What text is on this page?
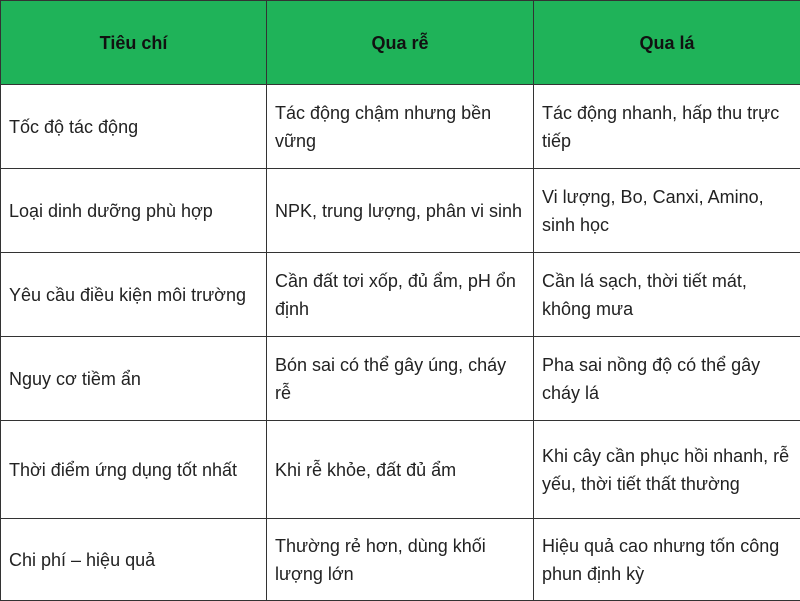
Tiêu chí	Qua rễ	Qua lá
Tốc độ tác động	Tác động chậm nhưng bền vững	Tác động nhanh, hấp thu trực tiếp
Loại dinh dưỡng phù hợp	NPK, trung lượng, phân vi sinh	Vi lượng, Bo, Canxi, Amino, sinh học
Yêu cầu điều kiện môi trường	Cần đất tơi xốp, đủ ẩm, pH ổn định	Cần lá sạch, thời tiết mát, không mưa
Nguy cơ tiềm ẩn	Bón sai có thể gây úng, cháy rễ	Pha sai nồng độ có thể gây cháy lá
Thời điểm ứng dụng tốt nhất	Khi rễ khỏe, đất đủ ẩm	Khi cây cần phục hồi nhanh, rễ yếu, thời tiết thất thường
Chi phí – hiệu quả	Thường rẻ hơn, dùng khối lượng lớn	Hiệu quả cao nhưng tốn công phun định kỳ
